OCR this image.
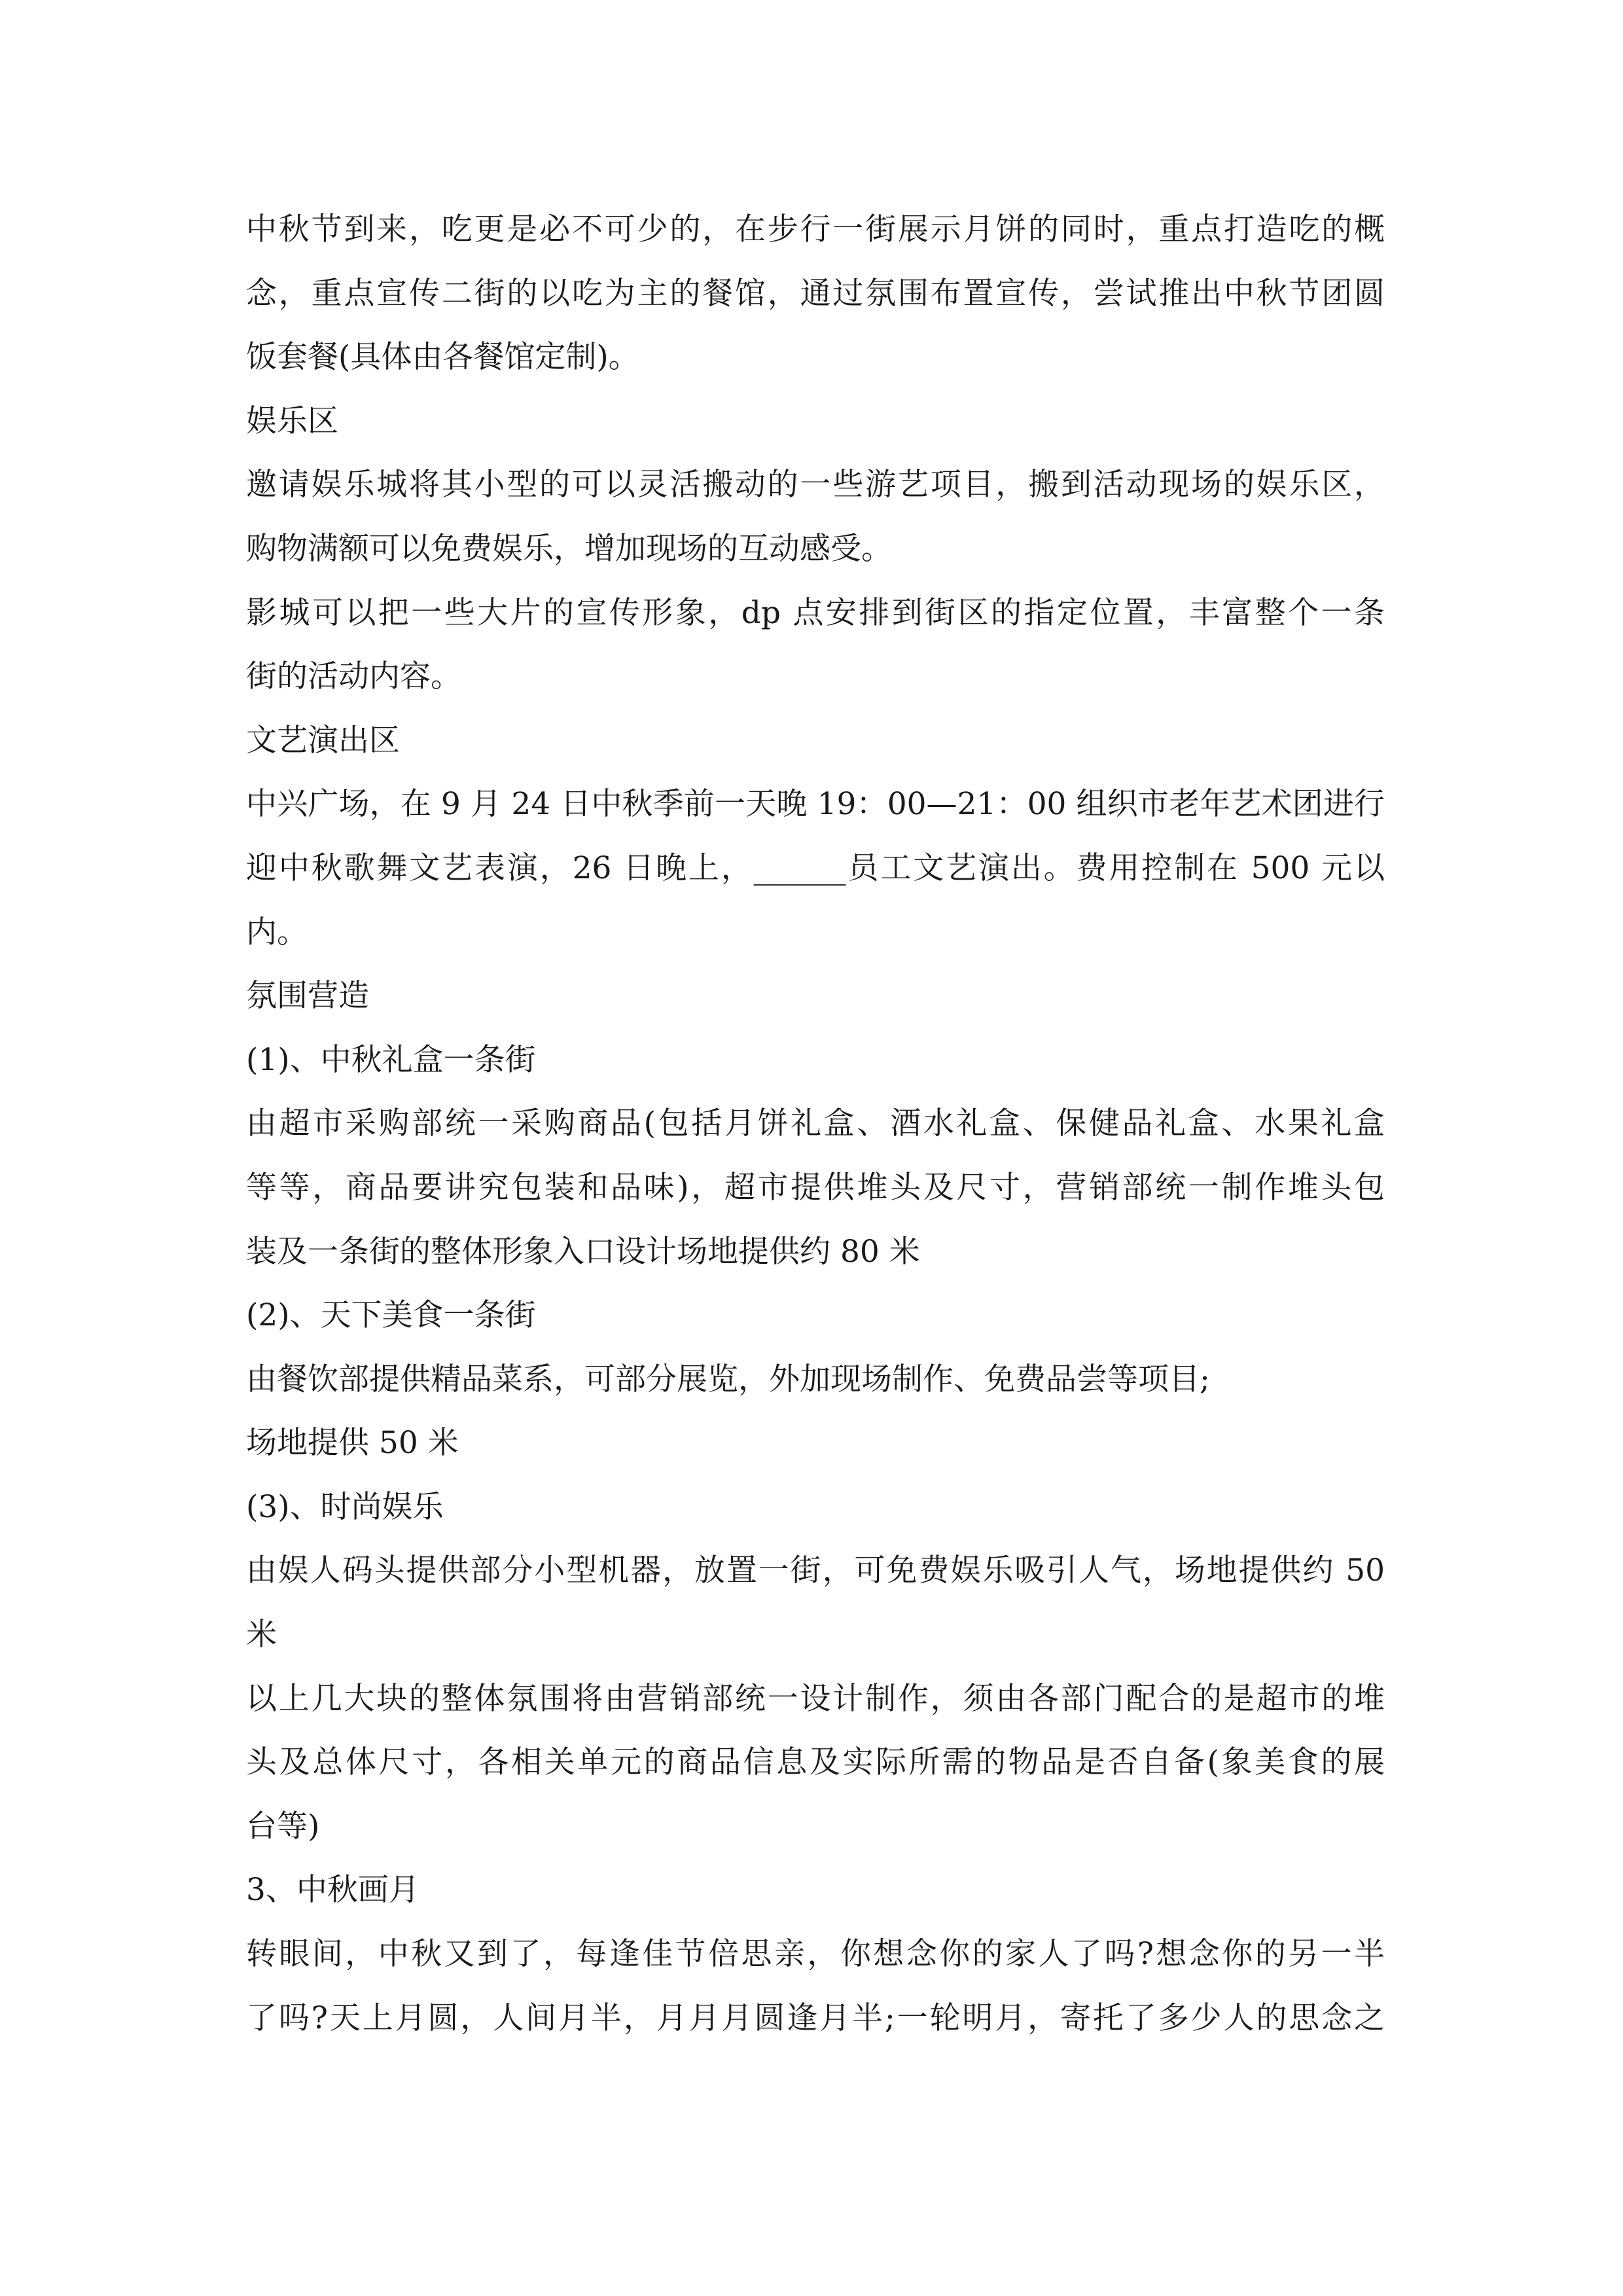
中秋节到来，吃更是必不可少的，在步行一街展示月饼的同时，重点打造吃的概

念，重点宣传二街的以吃为主的餐馆，通过氛围布置宣传，尝试推出中秋节团圆

饭套餐(具体由各餐馆定制)。

娱乐区

邀请娱乐城将其小型的可以灵活搬动的一些游艺项目，搬到活动现场的娱乐区，

购物满额可以免费娱乐，增加现场的互动感受。

影城可以把一些大片的宣传形象，dp 点安排到街区的指定位置，丰富整个一条

街的活动内容。

文艺演出区

中兴广场，在 9 月 24 日中秋季前一天晚 19：00—21：00 组织市老年艺术团进行

迎中秋歌舞文艺表演，26 日晚上，______员工文艺演出。费用控制在 500 元以

内。

氛围营造

(1)、中秋礼盒一条街

由超市采购部统一采购商品(包括月饼礼盒、酒水礼盒、保健品礼盒、水果礼盒

等等，商品要讲究包装和品味)，超市提供堆头及尺寸，营销部统一制作堆头包

装及一条街的整体形象入口设计场地提供约 80 米

(2)、天下美食一条街

由餐饮部提供精品菜系，可部分展览，外加现场制作、免费品尝等项目;

场地提供 50 米

(3)、时尚娱乐

由娱人码头提供部分小型机器，放置一街，可免费娱乐吸引人气，场地提供约 50

米

以上几大块的整体氛围将由营销部统一设计制作，须由各部门配合的是超市的堆

头及总体尺寸，各相关单元的商品信息及实际所需的物品是否自备(象美食的展

台等)

3、中秋画月

转眼间，中秋又到了，每逢佳节倍思亲，你想念你的家人了吗?想念你的另一半

了吗?天上月圆，人间月半，月月月圆逢月半;一轮明月，寄托了多少人的思念之
